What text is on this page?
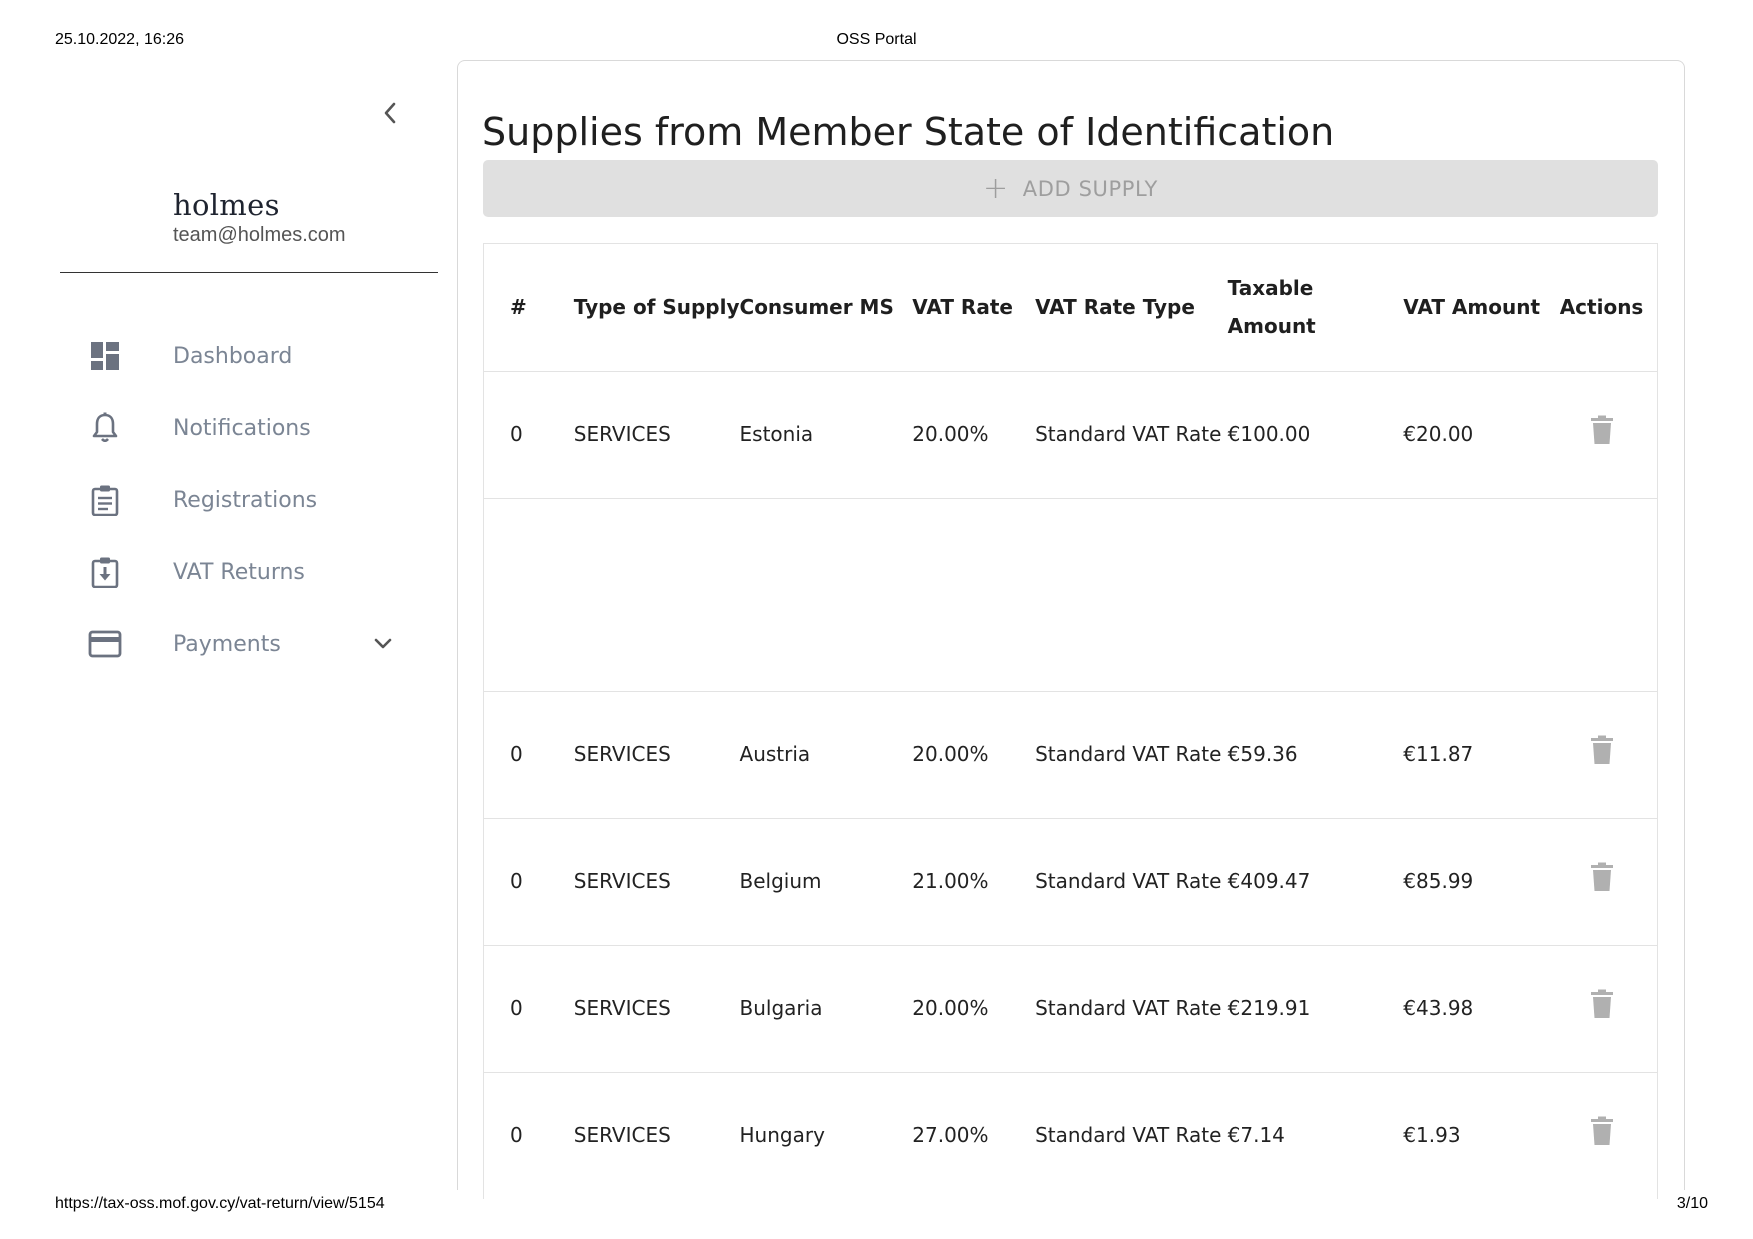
25.10.2022, 16:26	OSS Portal
https://tax-oss.mof.gov.cy/vat-return/view/5154	3/10
holmes
team@holmes.com
Dashboard
Notifications
Registrations
VAT Returns
Payments
Supplies from Member State of Identification
+ ADD SUPPLY
#	Type of Supply	Consumer MS	VAT Rate	VAT Rate Type	Taxable Amount	VAT Amount	Actions
0	SERVICES	Estonia	20.00%	Standard VAT Rate	€100.00	€20.00	

0	SERVICES	Austria	20.00%	Standard VAT Rate	€59.36	€11.87	

0	SERVICES	Belgium	21.00%	Standard VAT Rate	€409.47	€85.99	

0	SERVICES	Bulgaria	20.00%	Standard VAT Rate	€219.91	€43.98	

0	SERVICES	Hungary	27.00%	Standard VAT Rate	€7.14	€1.93	
